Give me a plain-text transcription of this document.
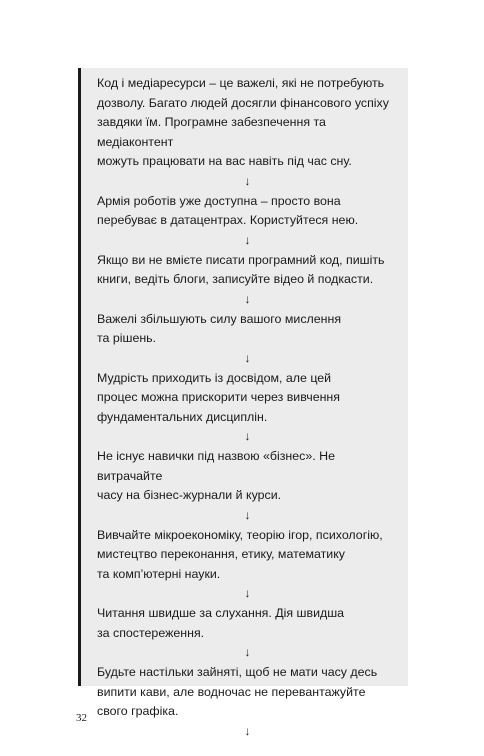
Код і медіаресурси – це важелі, які не потребують
дозволу. Багато людей досягли фінансового успіху
завдяки їм. Програмне забезпечення та медіаконтент
можуть працювати на вас навіть під час сну.

↓

Армія роботів уже доступна – просто вона
перебуває в датацентрах. Користуйтеся нею.

↓

Якщо ви не вмієте писати програмний код, пишіть
книги, ведіть блоги, записуйте відео й подкасти.

↓

Важелі збільшують силу вашого мислення
та рішень.

↓

Мудрість приходить із досвідом, але цей
процес можна прискорити через вивчення
фундаментальних дисциплін.

↓

Не існує навички під назвою «бізнес». Не витрачайте
часу на бізнес-журнали й курси.

↓

Вивчайте мікроекономіку, теорію ігор, психологію,
мистецтво переконання, етику, математику
та комп’ютерні науки.

↓

Читання швидше за слухання. Дія швидша
за спостереження.

↓

Будьте настільки зайняті, щоб не мати часу десь
випити кави, але водночас не перевантажуйте
свого графіка.

↓
32
